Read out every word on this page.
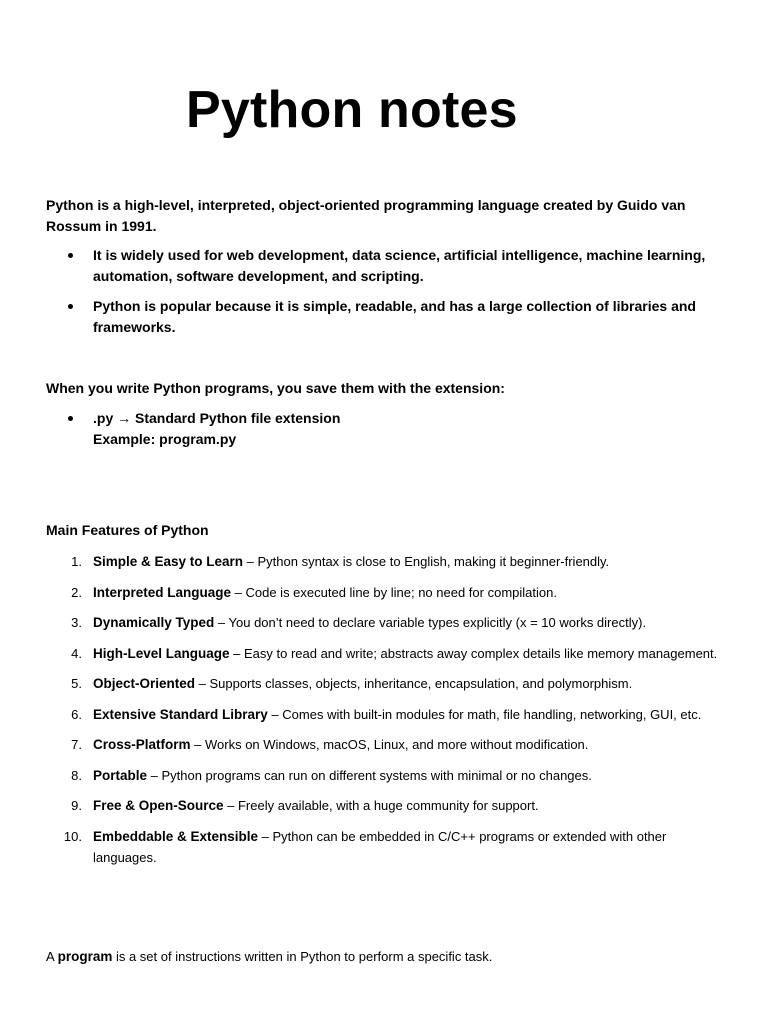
Python notes

Python is a high-level, interpreted, object-oriented programming language created by Guido van Rossum in 1991.

It is widely used for web development, data science, artificial intelligence, machine learning, automation, software development, and scripting.
Python is popular because it is simple, readable, and has a large collection of libraries and frameworks.

When you write Python programs, you save them with the extension:

.py → Standard Python file extension
Example: program.py

Main Features of Python

1. Simple & Easy to Learn – Python syntax is close to English, making it beginner-friendly.
2. Interpreted Language – Code is executed line by line; no need for compilation.
3. Dynamically Typed – You don’t need to declare variable types explicitly (x = 10 works directly).
4. High-Level Language – Easy to read and write; abstracts away complex details like memory management.
5. Object-Oriented – Supports classes, objects, inheritance, encapsulation, and polymorphism.
6. Extensive Standard Library – Comes with built-in modules for math, file handling, networking, GUI, etc.
7. Cross-Platform – Works on Windows, macOS, Linux, and more without modification.
8. Portable – Python programs can run on different systems with minimal or no changes.
9. Free & Open-Source – Freely available, with a huge community for support.
10. Embeddable & Extensible – Python can be embedded in C/C++ programs or extended with other languages.

A program is a set of instructions written in Python to perform a specific task.
